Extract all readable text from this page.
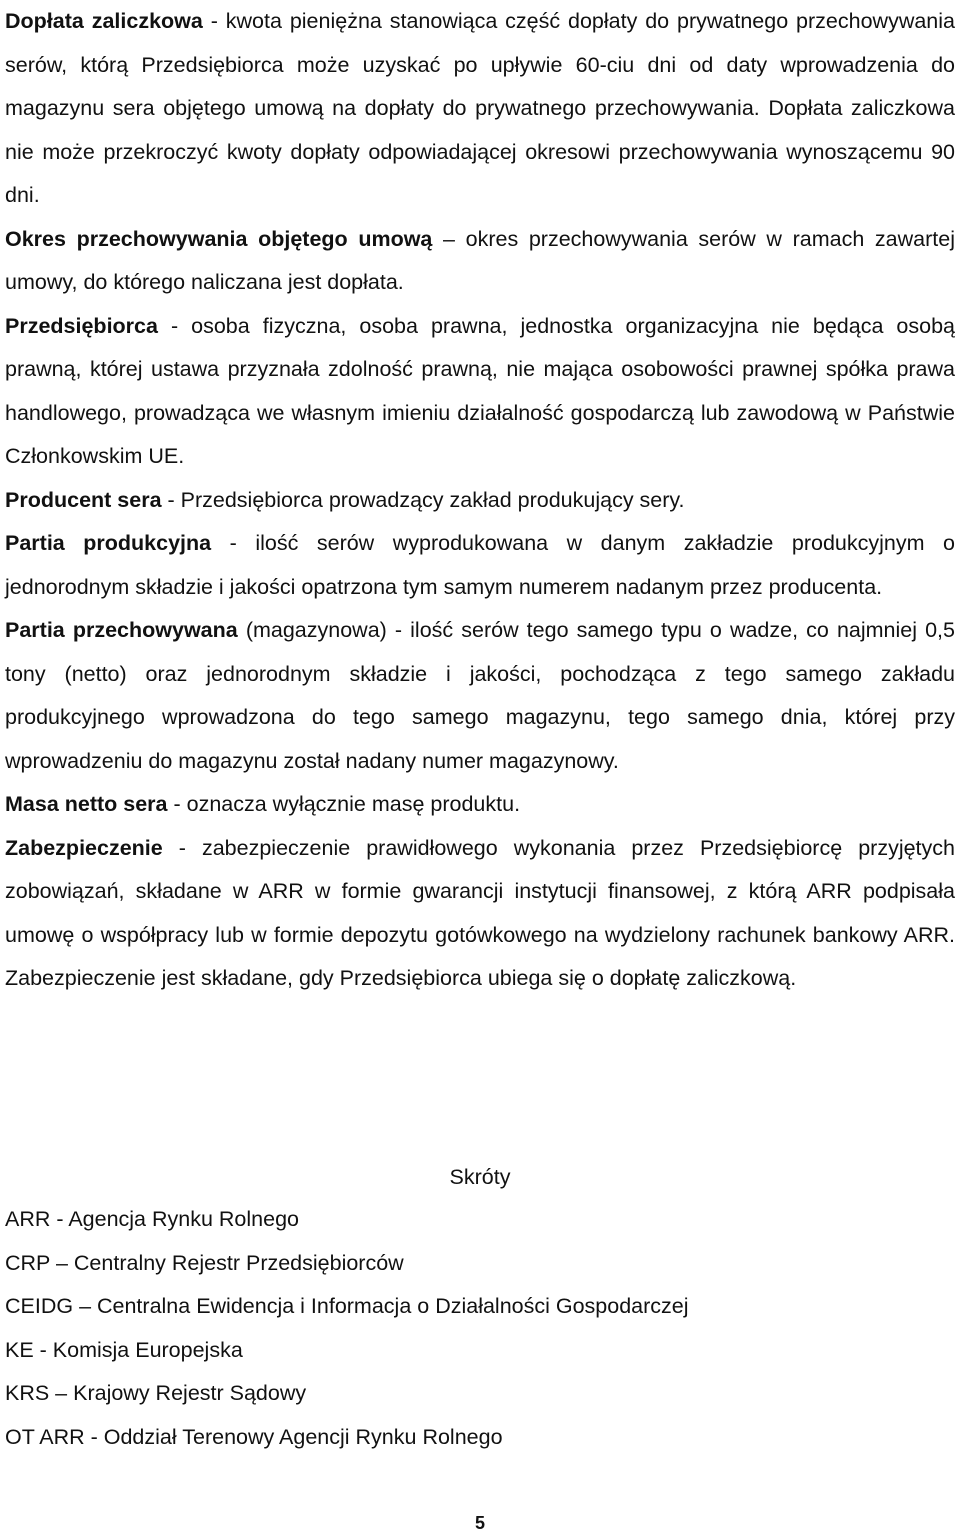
Dopłata zaliczkowa - kwota pieniężna stanowiąca część dopłaty do prywatnego przechowywania serów, którą Przedsiębiorca może uzyskać po upływie 60-ciu dni od daty wprowadzenia do magazynu sera objętego umową na dopłaty do prywatnego przechowywania. Dopłata zaliczkowa nie może przekroczyć kwoty dopłaty odpowiadającej okresowi przechowywania wynoszącemu 90 dni.

Okres przechowywania objętego umową – okres przechowywania serów w ramach zawartej umowy, do którego naliczana jest dopłata.

Przedsiębiorca - osoba fizyczna, osoba prawna, jednostka organizacyjna nie będąca osobą prawną, której ustawa przyznała zdolność prawną, nie mająca osobowości prawnej spółka prawa handlowego, prowadząca we własnym imieniu działalność gospodarczą lub zawodową w Państwie Członkowskim UE.

Producent sera - Przedsiębiorca prowadzący zakład produkujący sery.

Partia produkcyjna - ilość serów wyprodukowana w danym zakładzie produkcyjnym o jednorodnym składzie i jakości opatrzona tym samym numerem nadanym przez producenta.

Partia przechowywana (magazynowa) - ilość serów tego samego typu o wadze, co najmniej 0,5 tony (netto) oraz jednorodnym składzie i jakości, pochodząca z tego samego zakładu produkcyjnego wprowadzona do tego samego magazynu, tego samego dnia, której przy wprowadzeniu do magazynu został nadany numer magazynowy.

Masa netto sera - oznacza wyłącznie masę produktu.

Zabezpieczenie - zabezpieczenie prawidłowego wykonania przez Przedsiębiorcę przyjętych zobowiązań, składane w ARR w formie gwarancji instytucji finansowej, z którą ARR podpisała umowę o współpracy lub w formie depozytu gotówkowego na wydzielony rachunek bankowy ARR. Zabezpieczenie jest składane, gdy Przedsiębiorca ubiega się o dopłatę zaliczkową.

Skróty
ARR - Agencja Rynku Rolnego
CRP – Centralny Rejestr Przedsiębiorców
CEIDG – Centralna Ewidencja i Informacja o Działalności Gospodarczej
KE - Komisja Europejska
KRS – Krajowy Rejestr Sądowy
OT ARR - Oddział Terenowy Agencji Rynku Rolnego
5
